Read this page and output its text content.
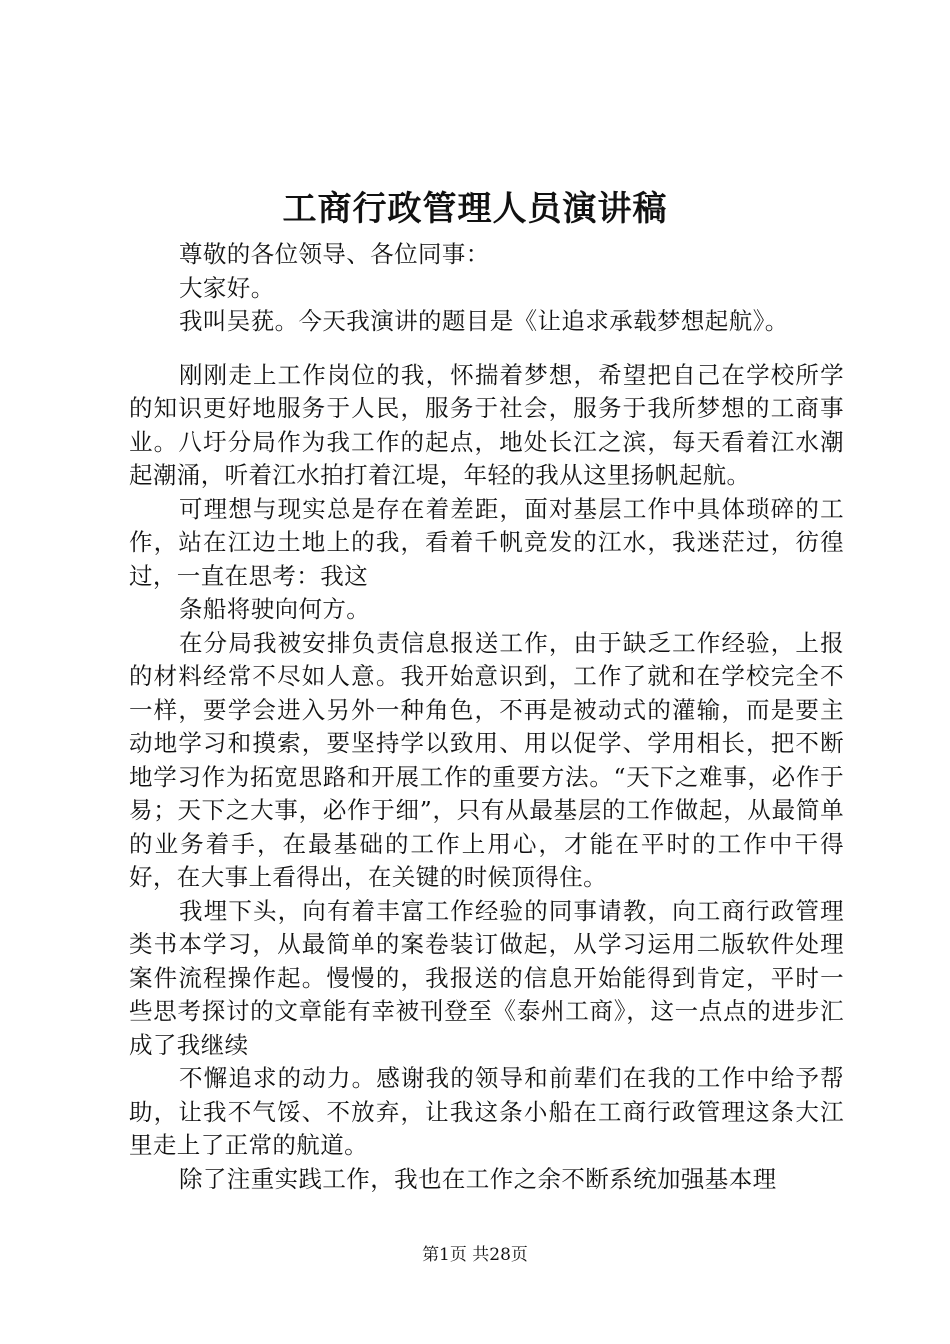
工商行政管理人员演讲稿

尊敬的各位领导、各位同事：

大家好。

我叫吴莸。今天我演讲的题目是《让追求承载梦想起航》。

刚刚走上工作岗位的我，怀揣着梦想，希望把自己在学校所学的知识更好地服务于人民，服务于社会，服务于我所梦想的工商事业。八圩分局作为我工作的起点，地处长江之滨，每天看着江水潮起潮涌，听着江水拍打着江堤，年轻的我从这里扬帆起航。

可理想与现实总是存在着差距，面对基层工作中具体琐碎的工作，站在江边土地上的我，看着千帆竞发的江水，我迷茫过，彷徨过，一直在思考：我这

条船将驶向何方。

在分局我被安排负责信息报送工作，由于缺乏工作经验，上报的材料经常不尽如人意。我开始意识到，工作了就和在学校完全不一样，要学会进入另外一种角色，不再是被动式的灌输，而是要主动地学习和摸索，要坚持学以致用、用以促学、学用相长，把不断地学习作为拓宽思路和开展工作的重要方法。“天下之难事，必作于易；天下之大事，必作于细”，只有从最基层的工作做起，从最简单的业务着手，在最基础的工作上用心，才能在平时的工作中干得好，在大事上看得出，在关键的时候顶得住。

我埋下头，向有着丰富工作经验的同事请教，向工商行政管理类书本学习，从最简单的案卷装订做起，从学习运用二版软件处理案件流程操作起。慢慢的，我报送的信息开始能得到肯定，平时一些思考探讨的文章能有幸被刊登至《泰州工商》，这一点点的进步汇成了我继续

不懈追求的动力。感谢我的领导和前辈们在我的工作中给予帮助，让我不气馁、不放弃，让我这条小船在工商行政管理这条大江里走上了正常的航道。

除了注重实践工作，我也在工作之余不断系统加强基本理

第1页 共28页
